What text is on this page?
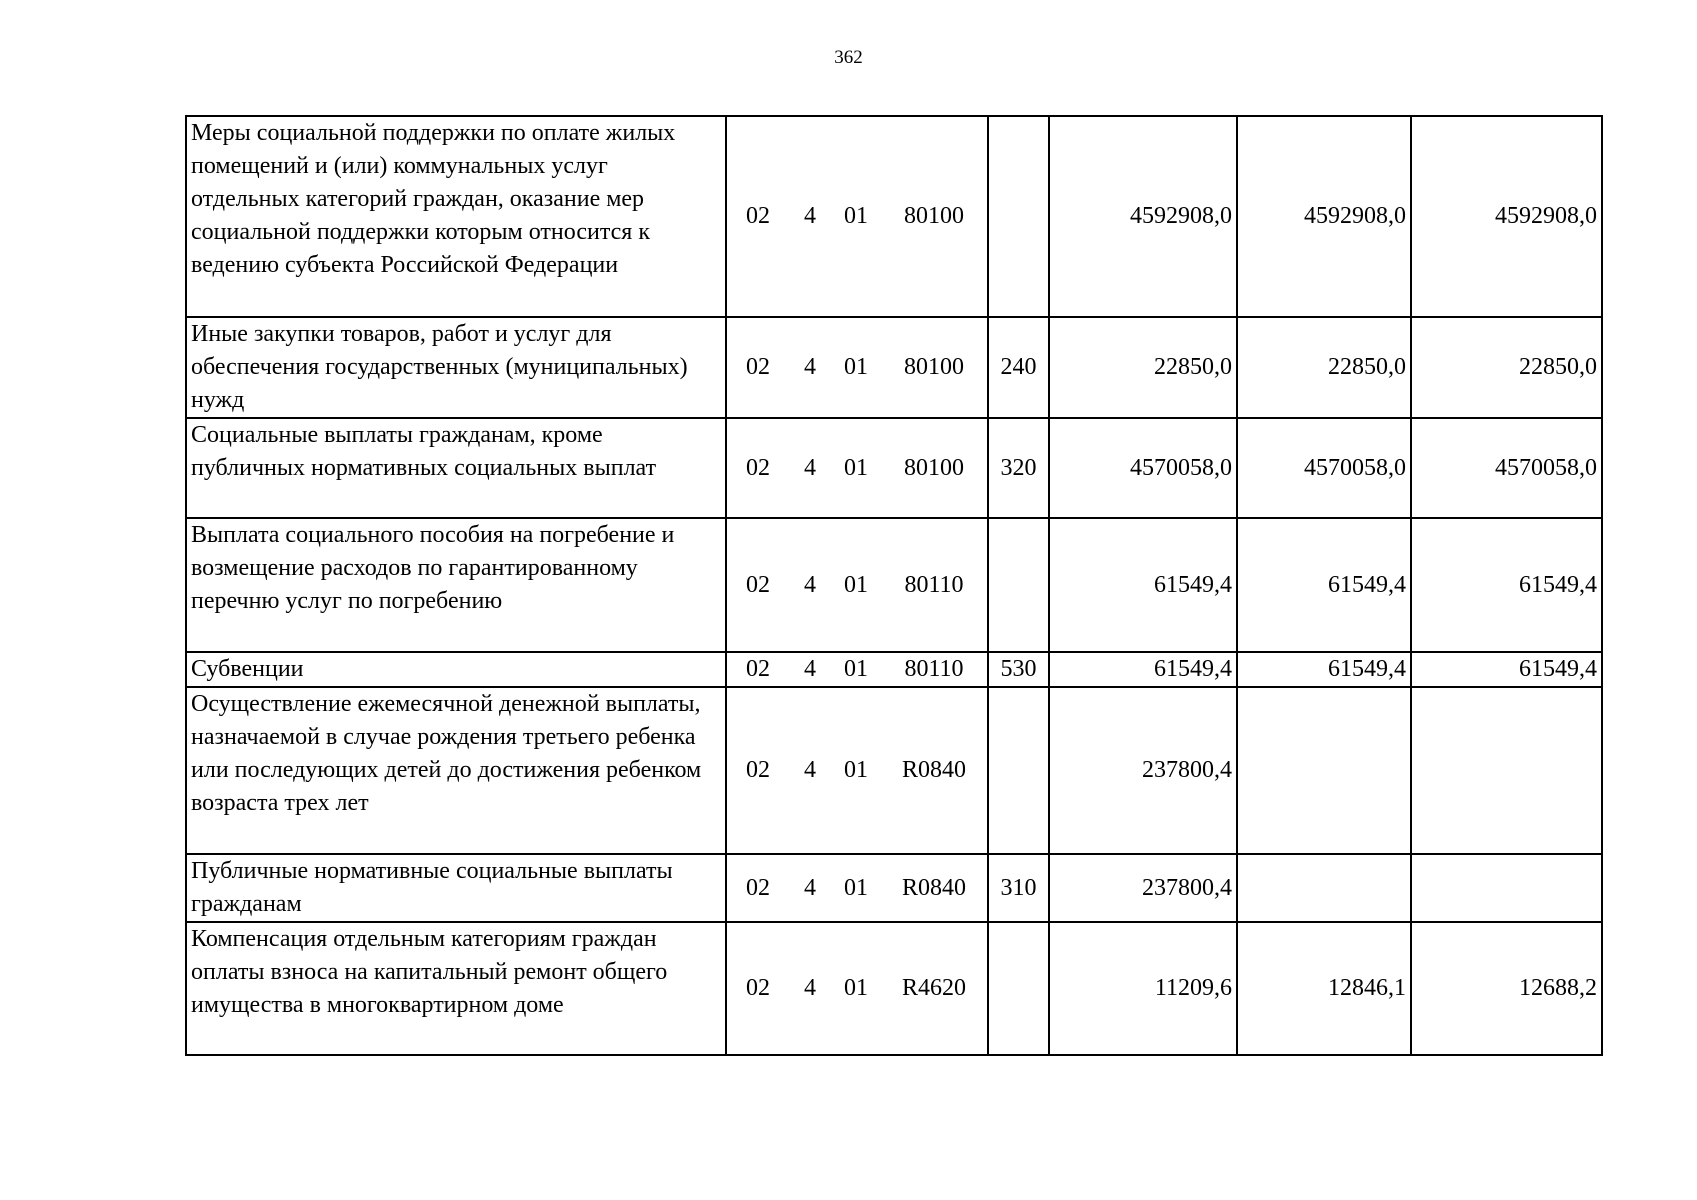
362
Меры социальной поддержки по оплате жилых помещений и (или) коммунальных услуг отдельных категорий граждан, оказание мер социальной поддержки которым относится к ведению субъекта Российской Федерации	02	4	01	80100		4592908,0	4592908,0	4592908,0
Иные закупки товаров, работ и услуг для обеспечения государственных (муниципальных) нужд	02	4	01	80100	240	22850,0	22850,0	22850,0
Социальные выплаты гражданам, кроме публичных нормативных социальных выплат	02	4	01	80100	320	4570058,0	4570058,0	4570058,0
Выплата социального пособия на погребение и возмещение расходов по гарантированному перечню услуг по погребению	02	4	01	80110		61549,4	61549,4	61549,4
Субвенции	02	4	01	80110	530	61549,4	61549,4	61549,4
Осуществление ежемесячной денежной выплаты, назначаемой в случае рождения третьего ребенка или последующих детей до достижения ребенком возраста трех лет	02	4	01	R0840		237800,4		
Публичные нормативные социальные выплаты гражданам	02	4	01	R0840	310	237800,4		
Компенсация отдельным категориям граждан оплаты взноса на капитальный ремонт общего имущества в многоквартирном доме	02	4	01	R4620		11209,6	12846,1	12688,2
